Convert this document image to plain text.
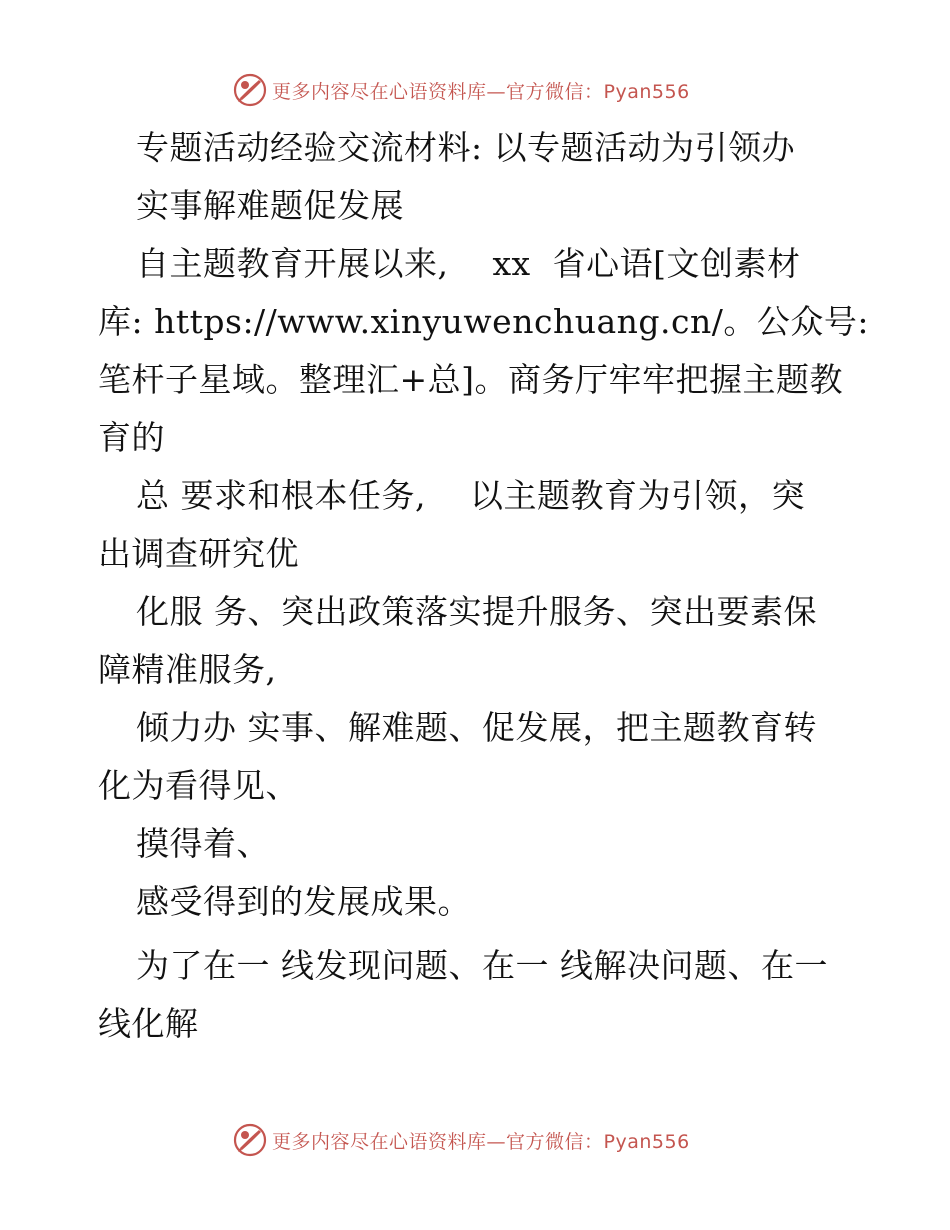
更多内容尽在心语资料库—官方微信：Pyan556
专题活动经验交流材料: 以专题活动为引领办
实事解难题促发展
自主题教育开展以来,    xx  省心语[文创素材
库: https://www.xinyuwenchuang.cn/。公众号:
笔杆子星域。整理汇+总]。商务厅牢牢把握主题教
育的
总 要求和根本任务,    以主题教育为引领，突
出调查研究优
化服 务、突出政策落实提升服务、突出要素保
障精准服务,
倾力办 实事、解难题、促发展，把主题教育转
化为看得见、
摸得着、
感受得到的发展成果。
为了在一 线发现问题、在一 线解决问题、在一
线化解
更多内容尽在心语资料库—官方微信：Pyan556
